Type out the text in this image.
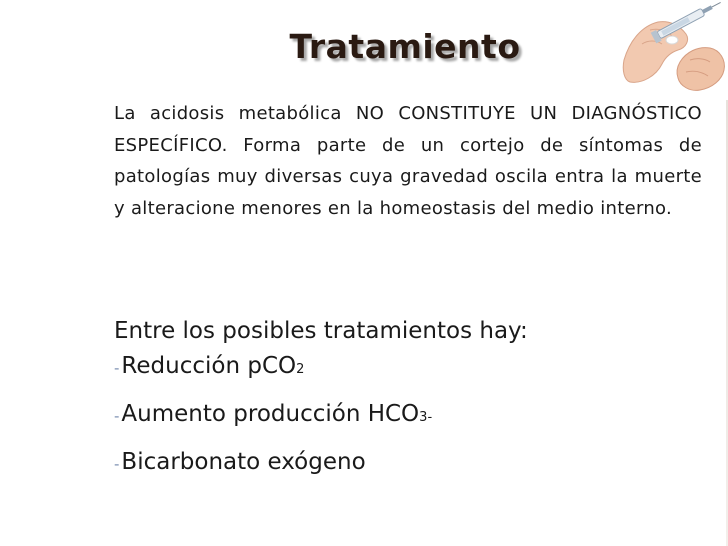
Tratamiento
La acidosis metabólica NO CONSTITUYE UN DIAGNÓSTICO ESPECÍFICO. Forma parte de un cortejo de síntomas de patologías muy diversas cuya gravedad oscila entra la muerte y alteracione menores en la homeostasis del medio interno.
Entre los posibles tratamientos hay:
- Reducción pCO 2
- Aumento producción HCO 3 -
- Bicarbonato exógeno
